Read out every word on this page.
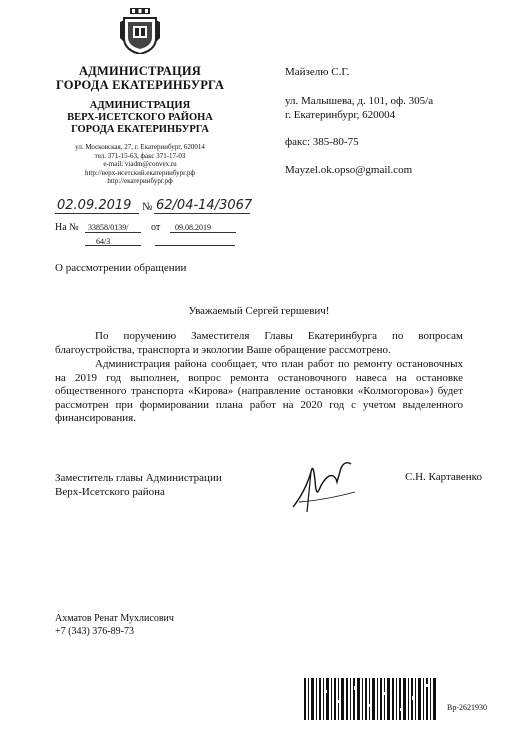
АДМИНИСТРАЦИЯ
ГОРОДА ЕКАТЕРИНБУРГА
АДМИНИСТРАЦИЯ
ВЕРХ-ИСЕТСКОГО РАЙОНА
ГОРОДА ЕКАТЕРИНБУРГА
ул. Московская, 27, г. Екатеринбург, 620014
тел. 371-15-63, факс 371-17-03
e-mail: viadm@convex.ru
http://верх-исетский.екатеринбург.рф
http://екатеринбург.рф
02.09.2019 № 62/04-14/3067
На № 33858/0139/ от 09.08.2019
64/3
Майзелю С.Г.
ул. Малышева, д. 101, оф. 305/а
г. Екатеринбург, 620004
факс: 385-80-75
Mayzel.ok.opso@gmail.com
О рассмотрении обращении
Уважаемый Сергей гершевич!
По поручению Заместителя Главы Екатеринбурга по вопросам благоустройства, транспорта и экологии Ваше обращение рассмотрено.
Администрация района сообщает, что план работ по ремонту остановочных на 2019 год выполнен, вопрос ремонта остановочного навеса на остановке общественного транспорта «Кирова» (направление остановки «Колмогорова») будет рассмотрен при формировании плана работ на 2020 год с учетом выделенного финансирования.
Заместитель главы Администрации
Верх-Исетского района
С.Н. Картавенко
Ахматов Ренат Мухлисович
+7 (343) 376-89-73
Вр-2621930
